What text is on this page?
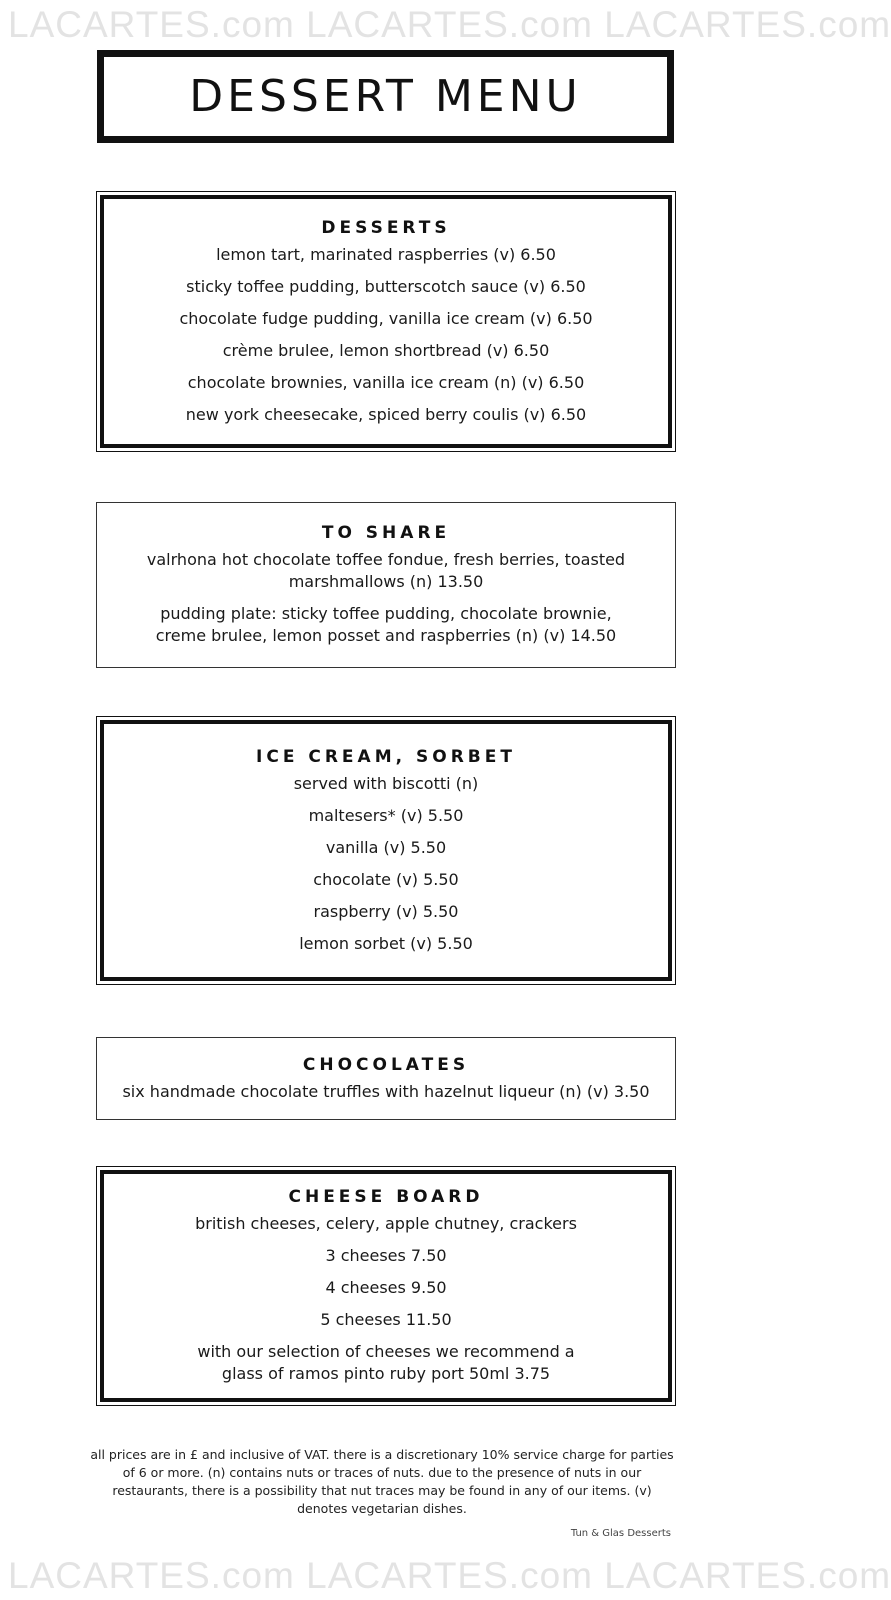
LACARTES.com LACARTES.com LACARTES.com
DESSERT MENU
DESSERTS
lemon tart, marinated raspberries (v) 6.50
sticky toffee pudding, butterscotch sauce (v) 6.50
chocolate fudge pudding, vanilla ice cream (v) 6.50
crème brulee, lemon shortbread (v) 6.50
chocolate brownies, vanilla ice cream (n) (v) 6.50
new york cheesecake, spiced berry coulis (v) 6.50
TO SHARE
valrhona hot chocolate toffee fondue, fresh berries, toasted marshmallows (n) 13.50
pudding plate: sticky toffee pudding, chocolate brownie, creme brulee, lemon posset and raspberries (n) (v) 14.50
ICE CREAM, SORBET
served with biscotti (n)
maltesers* (v) 5.50
vanilla (v) 5.50
chocolate (v) 5.50
raspberry (v) 5.50
lemon sorbet (v) 5.50
CHOCOLATES
six handmade chocolate truffles with hazelnut liqueur (n) (v) 3.50
CHEESE BOARD
british cheeses, celery, apple chutney, crackers
3 cheeses 7.50
4 cheeses 9.50
5 cheeses 11.50
with our selection of cheeses we recommend a glass of ramos pinto ruby port 50ml 3.75

all prices are in £ and inclusive of VAT. there is a discretionary 10% service charge for parties of 6 or more. (n) contains nuts or traces of nuts. due to the presence of nuts in our restaurants, there is a possibility that nut traces may be found in any of our items. (v) denotes vegetarian dishes.

Tun & Glas Desserts
LACARTES.com LACARTES.com LACARTES.com
